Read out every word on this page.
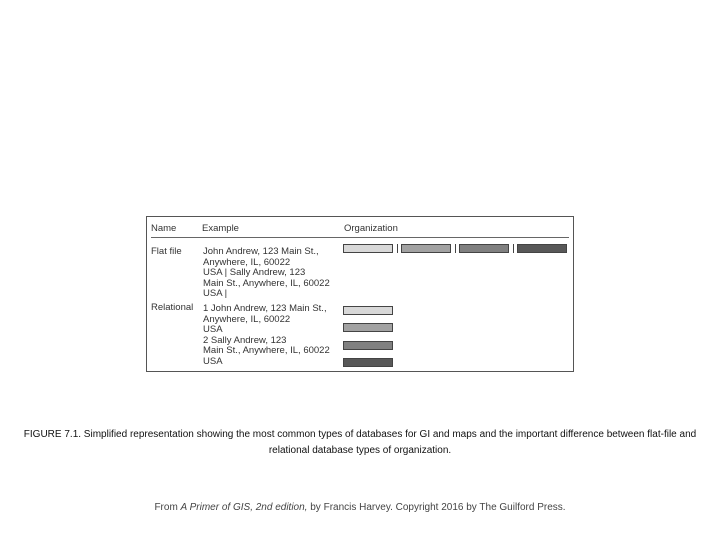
Name	Example	Organization
Flat file John Andrew, 123 Main St.,
Anywhere, IL, 60022
USA | Sally Andrew, 123
Main St., Anywhere, IL, 60022
USA |
Relational 1 John Andrew, 123 Main St.,
Anywhere, IL, 60022
USA
2 Sally Andrew, 123
Main St., Anywhere, IL, 60022
USA
FIGURE 7.1. Simplified representation showing the most common types of databases for GI and maps and the important difference between flat-file and relational database types of organization.
From A Primer of GIS, 2nd edition, by Francis Harvey. Copyright 2016 by The Guilford Press.
